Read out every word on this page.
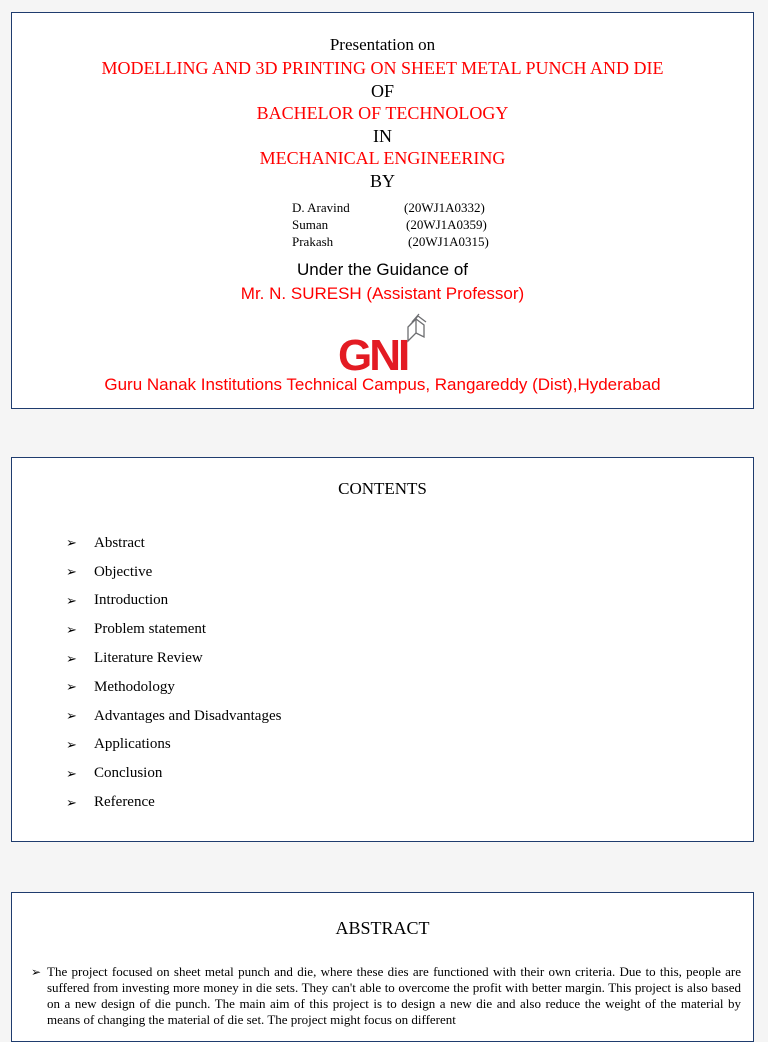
Presentation on
MODELLING AND 3D PRINTING ON SHEET METAL PUNCH AND DIE
OF
BACHELOR OF TECHNOLOGY
IN
MECHANICAL ENGINEERING
BY
D. Aravind	(20WJ1A0332)
Suman	(20WJ1A0359)
Prakash	(20WJ1A0315)
Under the Guidance of
Mr. N. SURESH (Assistant Professor)
GNI
Guru Nanak Institutions Technical Campus, Rangareddy (Dist),Hyderabad
CONTENTS
➢	Abstract
➢	Objective
➢	Introduction
➢	Problem statement
➢	Literature Review
➢	Methodology
➢	Advantages and Disadvantages
➢	Applications
➢	Conclusion
➢	Reference
ABSTRACT
➢ The project focused on sheet metal punch and die, where these dies are functioned with their own criteria. Due to this, people are suffered from investing more money in die sets. They can't able to overcome the profit with better margin. This project is also based on a new design of die punch. The main aim of this project is to design a new die and also reduce the weight of the material by means of changing the material of die set. The project might focus on different
